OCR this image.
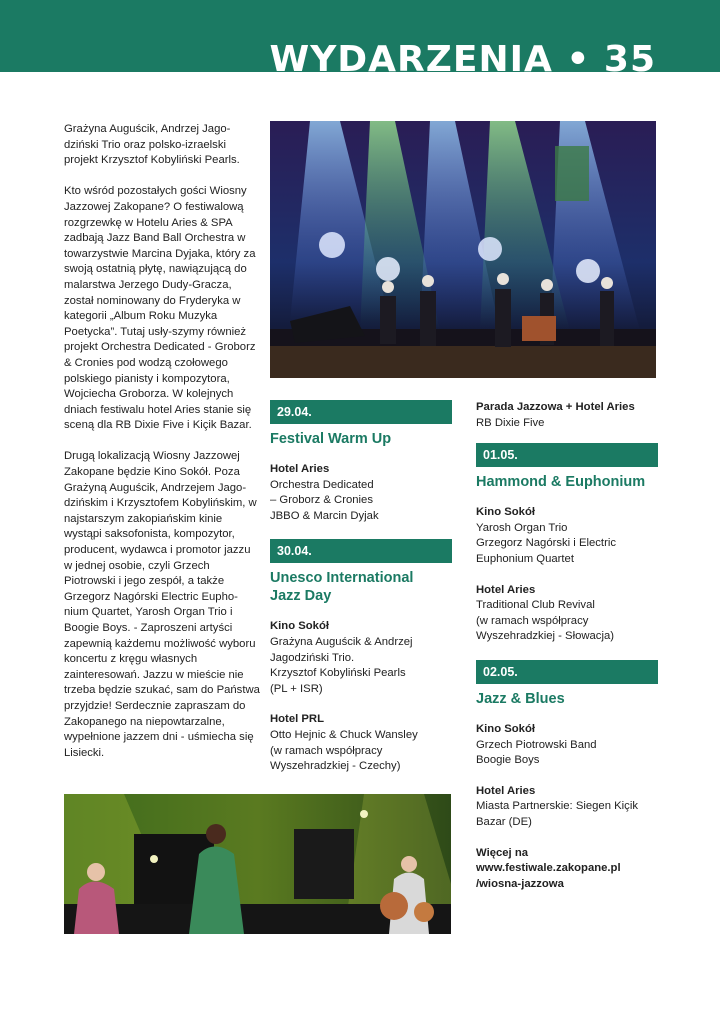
WYDARZENIA • 35

Grażyna Auguścik, Andrzej Jago-dziński Trio oraz polsko-izraelski projekt Krzysztof Kobyliński Pearls.

Kto wśród pozostałych gości Wiosny Jazzowej Zakopane? O festiwalową rozgrzewkę w Hotelu Aries & SPA zadbają Jazz Band Ball Orchestra w towarzystwie Marcina Dyjaka, który za swoją ostatnią płytę, nawiązującą do malarstwa Jerzego Dudy-Gracza, został nominowany do Fryderyka w kategorii „Album Roku Muzyka Poetycka”. Tutaj usły-szymy również projekt Orchestra Dedicated - Groborz & Cronies pod wodzą czołowego polskiego pianisty i kompozytora, Wojciecha Groborza. W kolejnych dniach festiwalu hotel Aries stanie się sceną dla RB Dixie Five i Kiçik Bazar.

Drugą lokalizacją Wiosny Jazzowej Zakopane będzie Kino Sokół. Poza Grażyną Auguścik, Andrzejem Jago-dzińskim i Krzysztofem Kobylińskim, w najstarszym zakopiańskim kinie wystąpi saksofonista, kompozytor, producent, wydawca i promotor jazzu w jednej osobie, czyli Grzech Piotrowski i jego zespół, a także Grzegorz Nagórski Electric Eupho-nium Quartet, Yarosh Organ Trio i Boogie Boys. - Zaproszeni artyści zapewnią każdemu możliwość wyboru koncertu z kręgu własnych zainteresowań. Jazzu w mieście nie trzeba będzie szukać, sam do Państwa przyjdzie! Serdecznie zapraszam do Zakopanego na niepowtarzalne, wypełnione jazzem dni - uśmiecha się Lisiecki.

29.04.
Festival Warm Up
Hotel Aries
Orchestra Dedicated
– Groborz & Cronies
JBBO & Marcin Dyjak
30.04.
Unesco International
Jazz Day
Kino Sokół
Grażyna Auguścik & Andrzej
Jagodziński Trio.
Krzysztof Kobyliński Pearls
(PL + ISR)
Hotel PRL
Otto Hejnic & Chuck Wansley
(w ramach współpracy
Wyszehradzkiej - Czechy)
Parada Jazzowa + Hotel Aries
RB Dixie Five
01.05.
Hammond & Euphonium
Kino Sokół
Yarosh Organ Trio
Grzegorz Nagórski i Electric
Euphonium Quartet
Hotel Aries
Traditional Club Revival
(w ramach współpracy
Wyszehradzkiej - Słowacja)
02.05.
Jazz & Blues
Kino Sokół
Grzech Piotrowski Band
Boogie Boys
Hotel Aries
Miasta Partnerskie: Siegen Kiçik
Bazar (DE)
Więcej na
www.festiwale.zakopane.pl
/wiosna-jazzowa
